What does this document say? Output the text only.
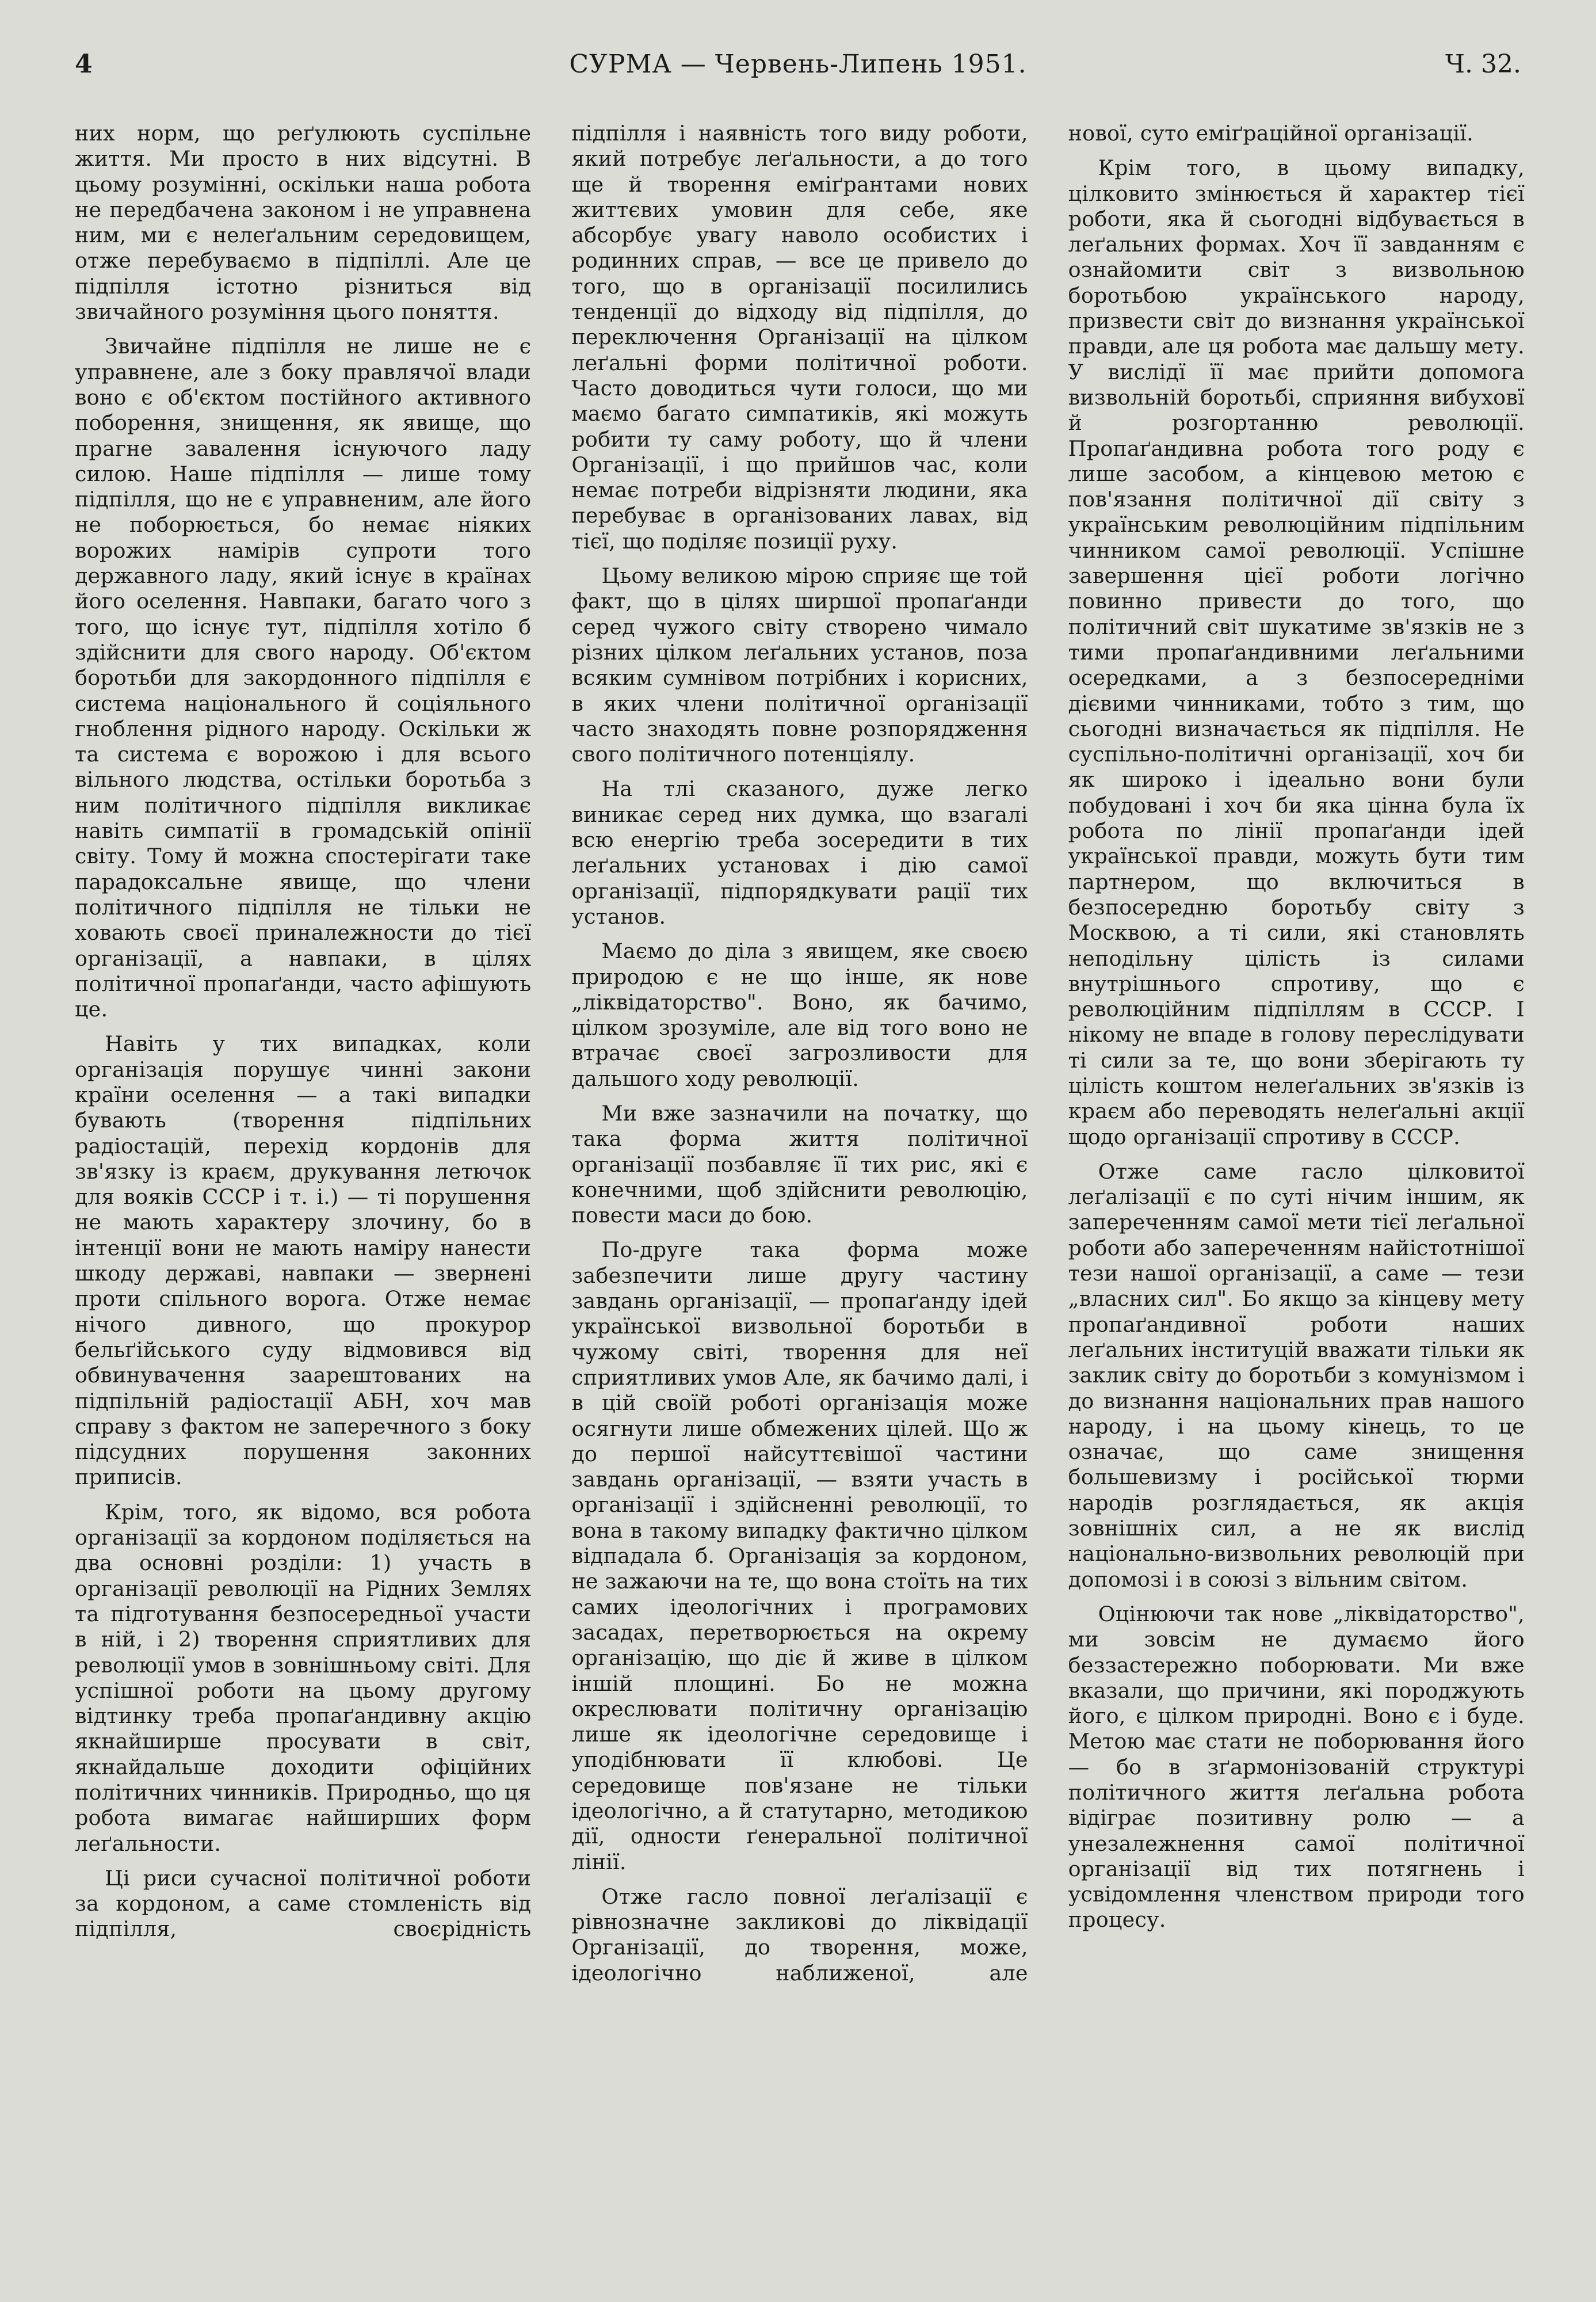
4	СУРМА — Червень-Липень 1951.	Ч. 32.

них норм, що реґулюють суспільне життя. Ми просто в них відсутні. В цьому розумінні, оскільки наша робота не передбачена законом і не управнена ним, ми є нелеґальним середовищем, отже перебуваємо в підпіллі. Але це підпілля істотно різниться від звичайного розуміння цього поняття.

Звичайне підпілля не лише не є управнене, але з боку правлячої влади воно є об'єктом постійного активного поборення, знищення, як явище, що прагне завалення існуючого ладу силою. Наше підпілля — лише тому підпілля, що не є управненим, але його не поборюється, бо немає ніяких ворожих намірів супроти того державного ладу, який існує в країнах його оселення. Навпаки, багато чого з того, що існує тут, підпілля хотіло б здійснити для свого народу. Об'єктом боротьби для закордонного підпілля є система національного й соціяльного гноблення рідного народу. Оскільки ж та система є ворожою і для всього вільного людства, остільки боротьба з ним політичного підпілля викликає навіть симпатії в громадській опінії світу. Тому й можна спостерігати таке парадоксальне явище, що члени політичного підпілля не тільки не ховають своєї приналежности до тієї організації, а навпаки, в цілях політичної пропаґанди, часто афішують це.

Навіть у тих випадках, коли організація порушує чинні закони країни оселення — а такі випадки бувають (творення підпільних радіостацій, перехід кордонів для зв'язку із краєм, друкування летючок для вояків СССР і т. і.) — ті порушення не мають характеру злочину, бо в інтенції вони не мають наміру нанести шкоду державі, навпаки — звернені проти спільного ворога. Отже немає нічого дивного, що прокурор бельґійського суду відмовився від обвинувачення заарештованих на підпільній радіостації АБН, хоч мав справу з фактом не заперечного з боку підсудних порушення законних приписів.

Крім, того, як відомо, вся робота організації за кордоном поділяється на два основні розділи: 1) участь в організації революції на Рідних Землях та підготування безпосередньої участи в ній, і 2) творення сприятливих для революції умов в зовнішньому світі. Для успішної роботи на цьому другому відтинку треба пропаґандивну акцію якнайширше просувати в світ, якнайдальше доходити офіційних політичних чинників. Природньо, що ця робота вимагає найширших форм леґальности.

Ці риси сучасної політичної роботи за кордоном, а саме стомленість від підпілля, своєрідність

підпілля і наявність того виду роботи, який потребує леґальности, а до того ще й творення еміґрантами нових життєвих умовин для себе, яке абсорбує увагу наволо особистих і родинних справ, — все це привело до того, що в організації посилились тенденції до відходу від підпілля, до переключення Організації на цілком леґальні форми політичної роботи. Часто доводиться чути голоси, що ми маємо багато симпатиків, які можуть робити ту саму роботу, що й члени Організації, і що прийшов час, коли немає потреби відрізняти людини, яка перебуває в організованих лавах, від тієї, що поділяє позиції руху.

Цьому великою мірою сприяє ще той факт, що в цілях ширшої пропаґанди серед чужого світу створено чимало різних цілком леґальних установ, поза всяким сумнівом потрібних і корисних, в яких члени політичної організації часто знаходять повне розпорядження свого політичного потенціялу.

На тлі сказаного, дуже легко виникає серед них думка, що взагалі всю енергію треба зосередити в тих леґальних установах і дію самої організації, підпорядкувати рації тих установ.

Маємо до діла з явищем, яке своєю природою є не що інше, як нове „ліквідаторство". Воно, як бачимо, цілком зрозуміле, але від того воно не втрачає своєї загрозливости для дальшого ходу революції.

Ми вже зазначили на початку, що така форма життя політичної організації позбавляє її тих рис, які є конечними, щоб здійснити революцію, повести маси до бою.

По-друге така форма може забезпечити лише другу частину завдань організації, — пропаґанду ідей української визвольної боротьби в чужому світі, творення для неї сприятливих умов Але, як бачимо далі, і в цій своїй роботі організація може осягнути лише обмежених цілей. Що ж до першої найсуттєвішої частини завдань організації, — взяти участь в організації і здійсненні революції, то вона в такому випадку фактично цілком відпадала б. Організація за кордоном, не зажаючи на те, що вона стоїть на тих самих ідеологічних і програмових засадах, перетворюється на окрему організацію, що діє й живе в цілком іншій площині. Бо не можна окреслювати політичну організацію лише як ідеологічне середовище і уподібнювати її клюбові. Це середовище пов'язане не тільки ідеологічно, а й статутарно, методикою дії, одности ґенеральної політичної лінії.

Отже гасло повної леґалізації є рівнозначне закликові до ліквідації Організації, до творення, може, ідеологічно наближеної, але

нової, суто еміґраційної організації.

Крім того, в цьому випадку, цілковито змінюється й характер тієї роботи, яка й сьогодні відбувається в леґальних формах. Хоч її завданням є ознайомити світ з визвольною боротьбою українського народу, призвести світ до визнання української правди, але ця робота має дальшу мету. У вислідї її має прийти допомога визвольній боротьбі, сприяння вибуховї й розгортанню революції. Пропаґандивна робота того роду є лише засобом, а кінцевою метою є пов'язання політичної дії світу з українським революційним підпільним чинником самої революції. Успішне завершення цієї роботи логічно повинно привести до того, що політичний світ шукатиме зв'язків не з тими пропаґандивними леґальними осередками, а з безпосередніми дієвими чинниками, тобто з тим, що сьогодні визначається як підпілля. Не суспільно-політичні організації, хоч би як широко і ідеально вони були побудовані і хоч би яка цінна була їх робота по лінії пропаґанди ідей української правди, можуть бути тим партнером, що включиться в безпосередню боротьбу світу з Москвою, а ті сили, які становлять неподільну цілість із силами внутрішнього спротиву, що є революційним підпіллям в СССР. І нікому не впаде в голову переслідувати ті сили за те, що вони зберігають ту цілість коштом нелеґальних зв'язків із краєм або переводять нелеґальні акції щодо організації спротиву в СССР.

Отже саме гасло цілковитої леґалізації є по суті нічим іншим, як запереченням самої мети тієї леґальної роботи або запереченням найістотнішої тези нашої організації, а саме — тези „власних сил". Бо якщо за кінцеву мету пропаґандивної роботи наших леґальних інституцій вважати тільки як заклик світу до боротьби з комунізмом і до визнання національних прав нашого народу, і на цьому кінець, то це означає, що саме знищення большевизму і російської тюрми народів розглядається, як акція зовнішніх сил, а не як вислід національно-визвольних революцій при допомозі і в союзі з вільним світом.

Оцінюючи так нове „ліквідаторство", ми зовсім не думаємо його беззастережно поборювати. Ми вже вказали, що причини, які породжують його, є цілком природні. Воно є і буде. Метою має стати не поборювання його — бо в зґармонізованій структурі політичного життя леґальна робота відіграє позитивну ролю — а унезалежнення самої політичної організації від тих потягнень і усвідомлення членством природи того процесу.
